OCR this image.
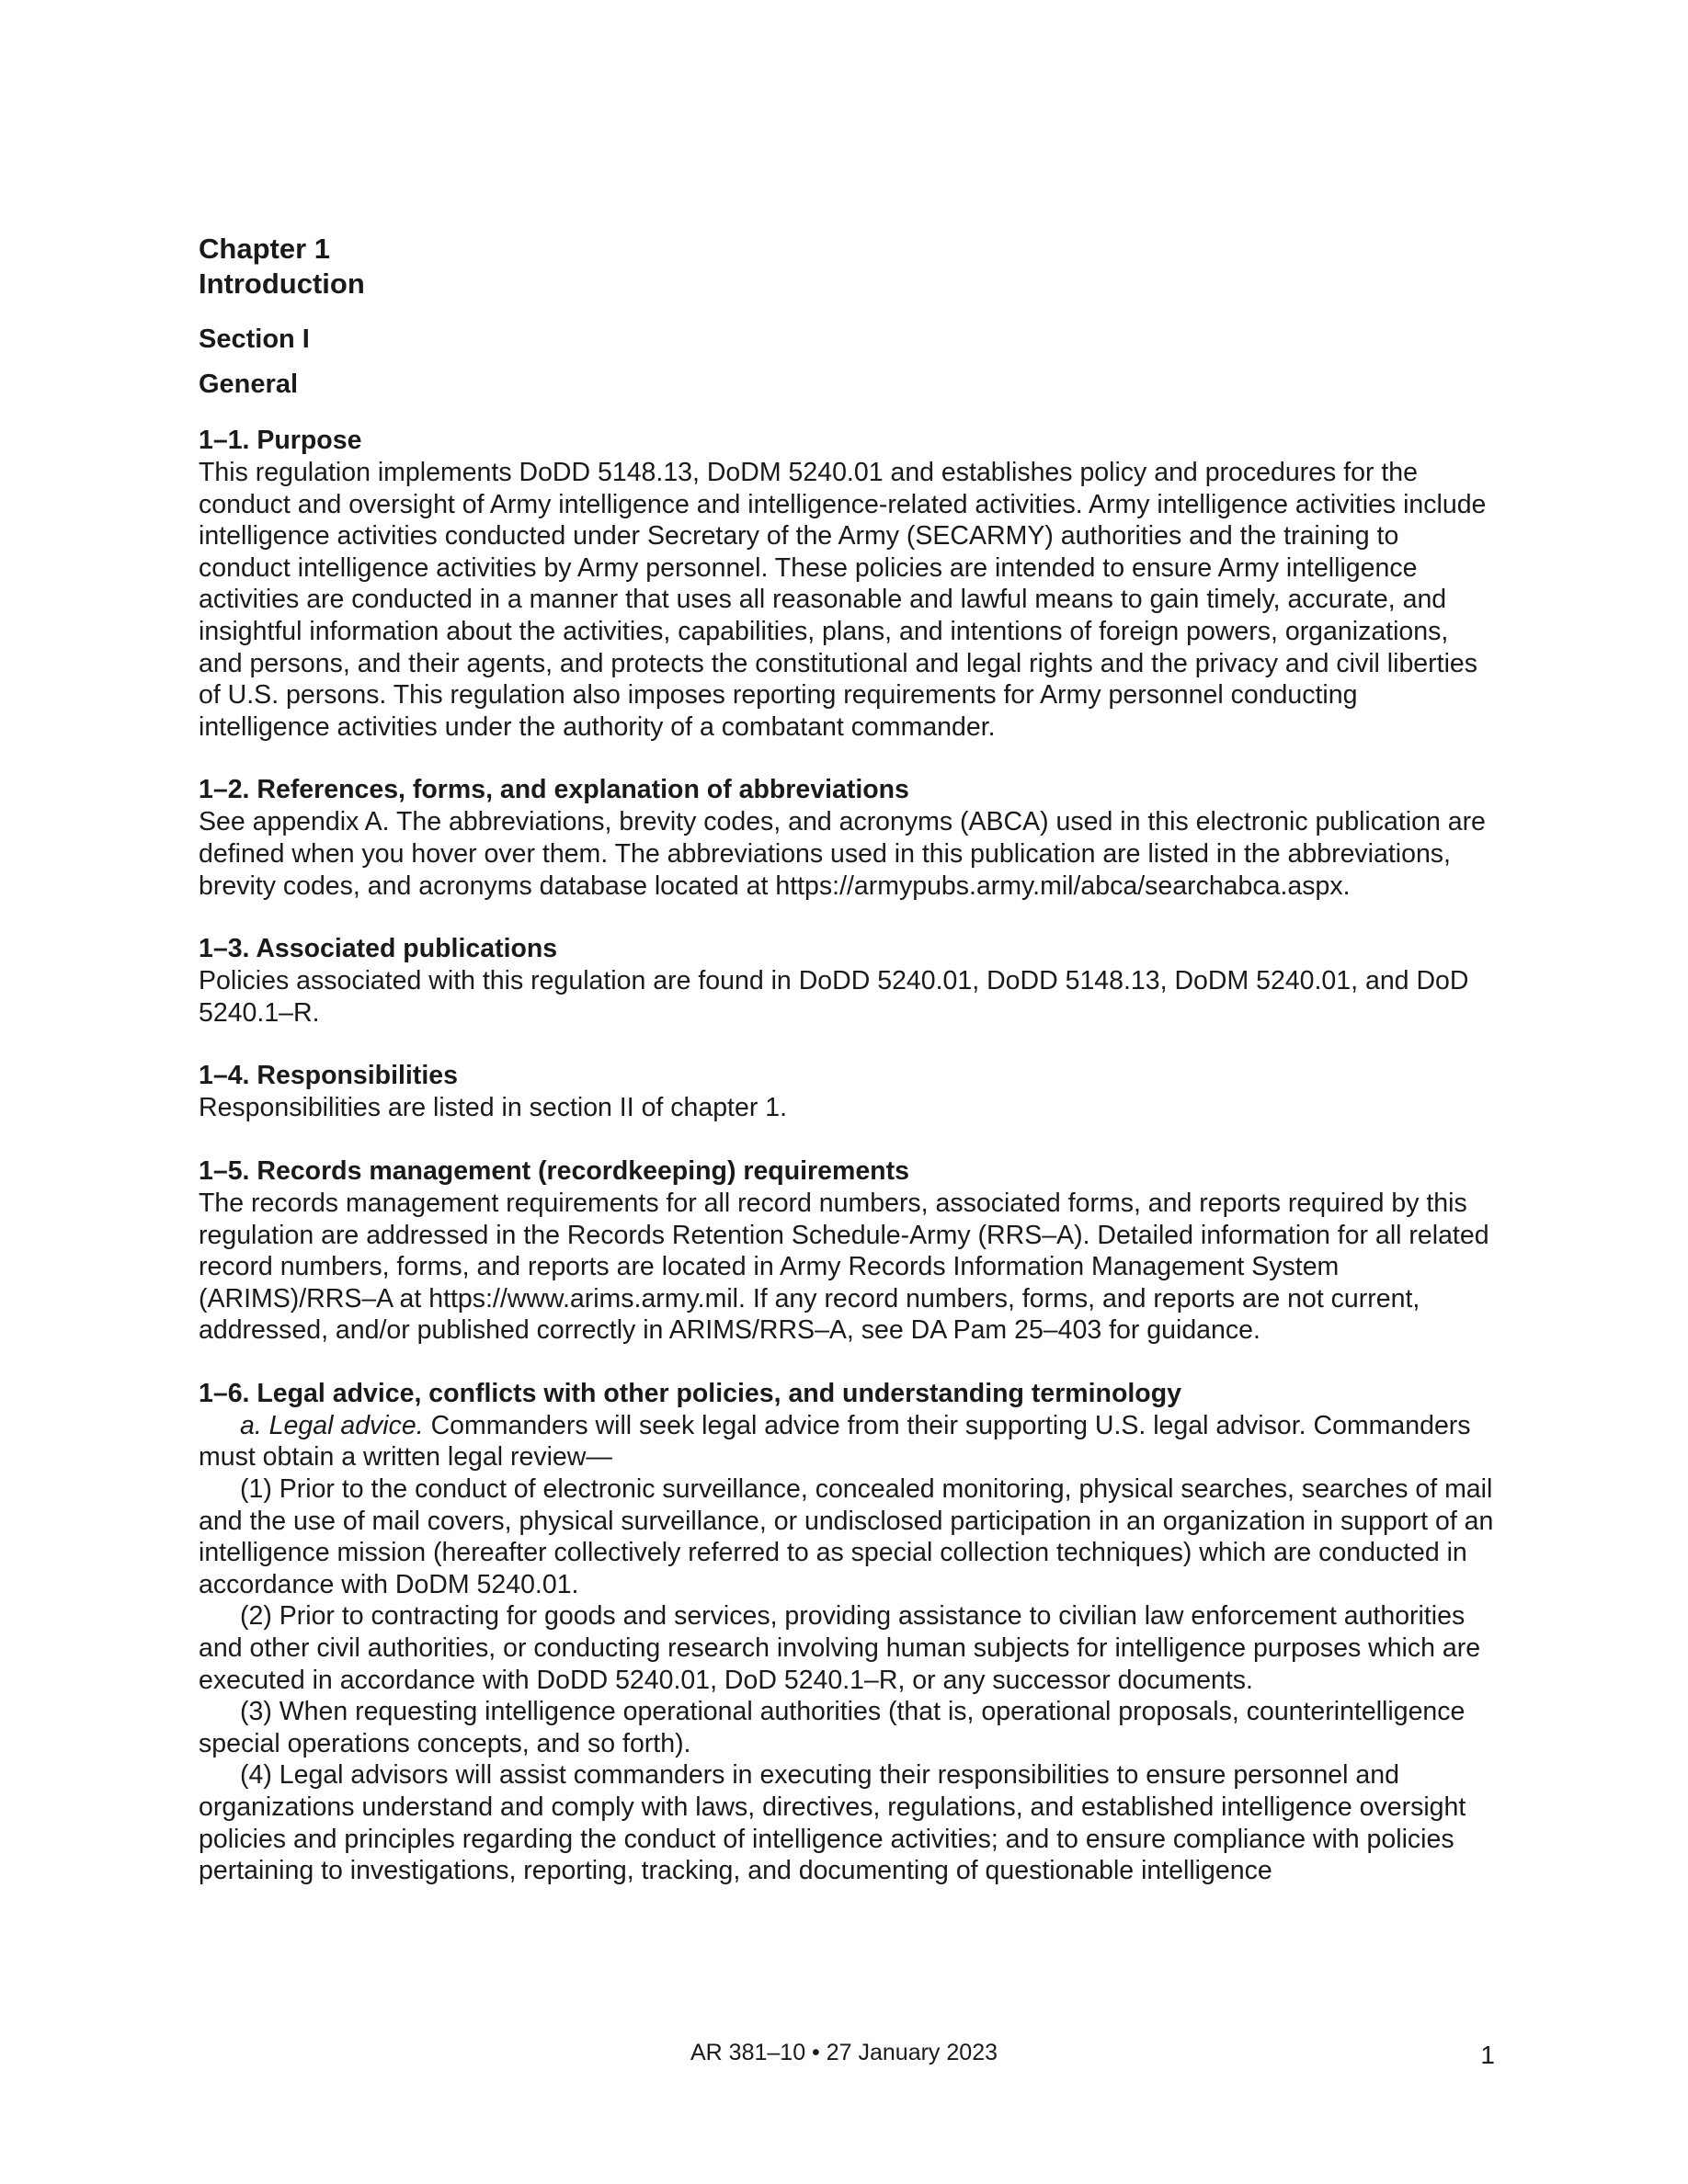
Chapter 1

Introduction

Section I

General

1–1. Purpose

This regulation implements DoDD 5148.13, DoDM 5240.01 and establishes policy and procedures for the conduct and oversight of Army intelligence and intelligence-related activities. Army intelligence activities include intelligence activities conducted under Secretary of the Army (SECARMY) authorities and the training to conduct intelligence activities by Army personnel. These policies are intended to ensure Army intelligence activities are conducted in a manner that uses all reasonable and lawful means to gain timely, accurate, and insightful information about the activities, capabilities, plans, and intentions of foreign powers, organizations, and persons, and their agents, and protects the constitutional and legal rights and the privacy and civil liberties of U.S. persons. This regulation also imposes reporting requirements for Army personnel conducting intelligence activities under the authority of a combatant commander.

1–2. References, forms, and explanation of abbreviations

See appendix A. The abbreviations, brevity codes, and acronyms (ABCA) used in this electronic publication are defined when you hover over them. The abbreviations used in this publication are listed in the abbreviations, brevity codes, and acronyms database located at https://armypubs.army.mil/abca/searchabca.aspx.

1–3. Associated publications

Policies associated with this regulation are found in DoDD 5240.01, DoDD 5148.13, DoDM 5240.01, and DoD 5240.1–R.

1–4. Responsibilities

Responsibilities are listed in section II of chapter 1.

1–5. Records management (recordkeeping) requirements

The records management requirements for all record numbers, associated forms, and reports required by this regulation are addressed in the Records Retention Schedule-Army (RRS–A). Detailed information for all related record numbers, forms, and reports are located in Army Records Information Management System (ARIMS)/RRS–A at https://www.arims.army.mil. If any record numbers, forms, and reports are not current, addressed, and/or published correctly in ARIMS/RRS–A, see DA Pam 25–403 for guidance.

1–6. Legal advice, conflicts with other policies, and understanding terminology

a. Legal advice. Commanders will seek legal advice from their supporting U.S. legal advisor. Commanders must obtain a written legal review—

(1) Prior to the conduct of electronic surveillance, concealed monitoring, physical searches, searches of mail and the use of mail covers, physical surveillance, or undisclosed participation in an organization in support of an intelligence mission (hereafter collectively referred to as special collection techniques) which are conducted in accordance with DoDM 5240.01.

(2) Prior to contracting for goods and services, providing assistance to civilian law enforcement authorities and other civil authorities, or conducting research involving human subjects for intelligence purposes which are executed in accordance with DoDD 5240.01, DoD 5240.1–R, or any successor documents.

(3) When requesting intelligence operational authorities (that is, operational proposals, counterintelligence special operations concepts, and so forth).

(4) Legal advisors will assist commanders in executing their responsibilities to ensure personnel and organizations understand and comply with laws, directives, regulations, and established intelligence oversight policies and principles regarding the conduct of intelligence activities; and to ensure compliance with policies pertaining to investigations, reporting, tracking, and documenting of questionable intelligence

AR 381–10 • 27 January 2023	1
